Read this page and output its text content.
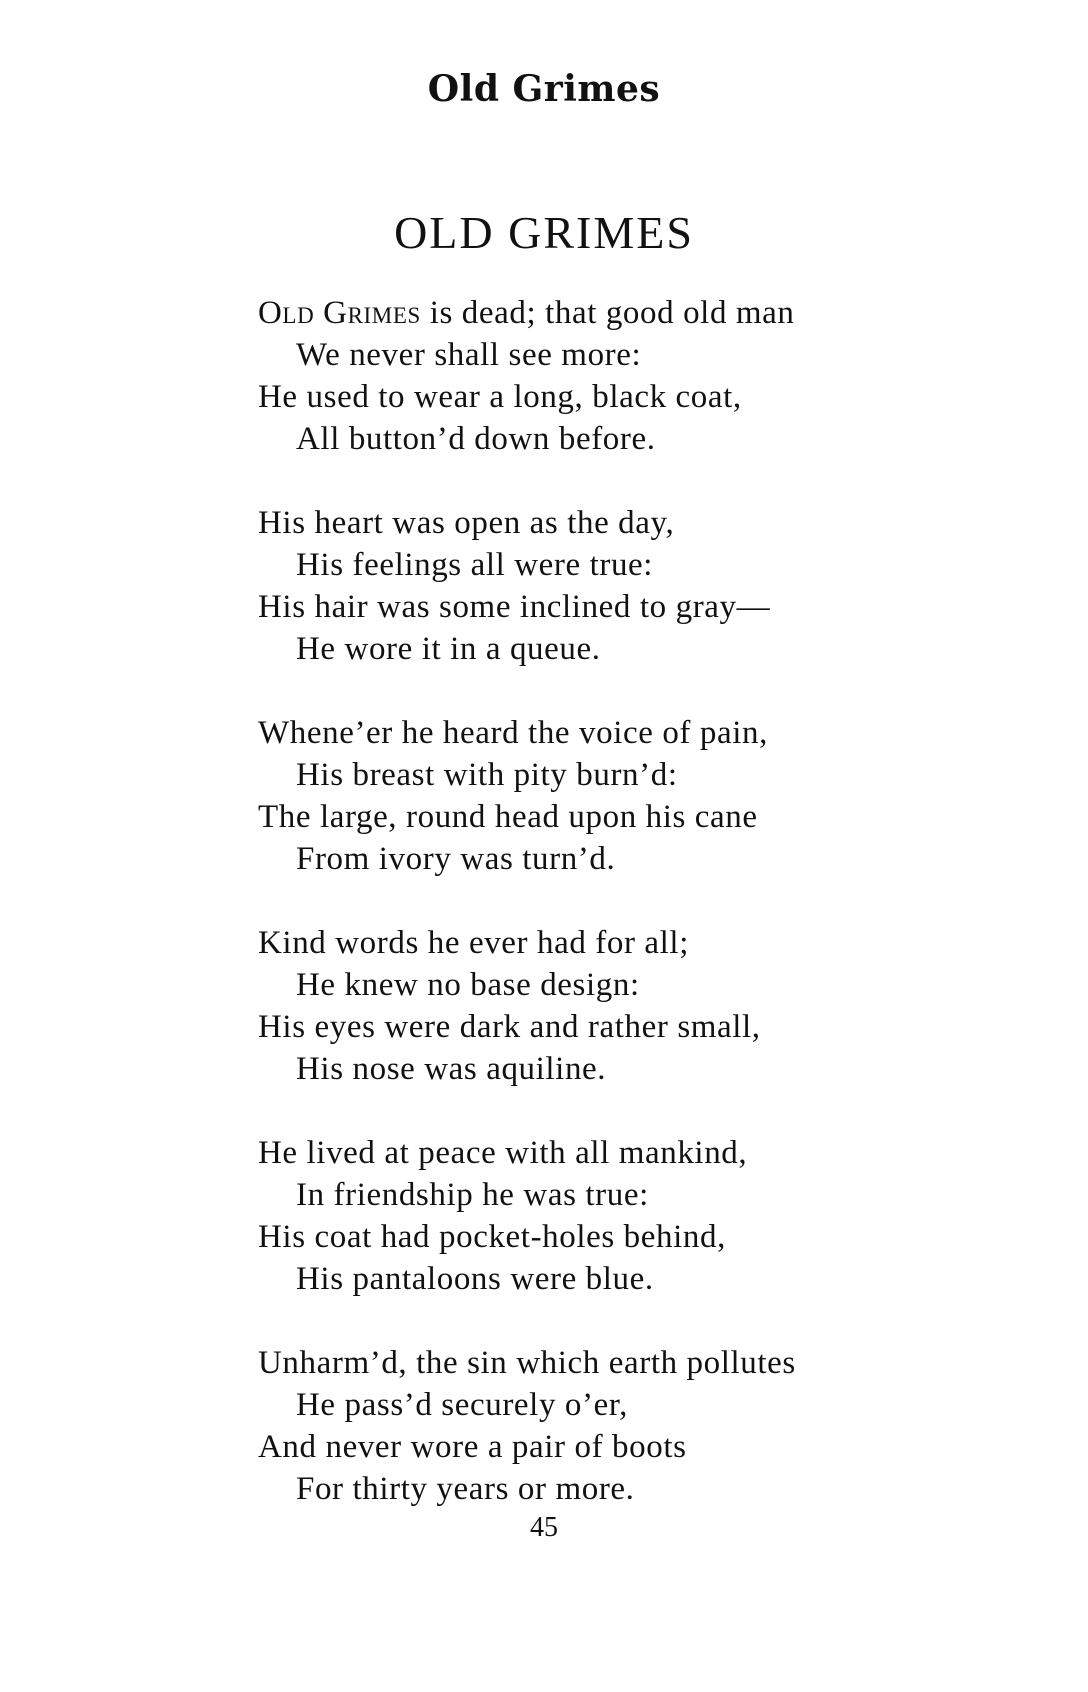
Old Grimes
OLD GRIMES
Old Grimes is dead; that good old man
We never shall see more:
He used to wear a long, black coat,
All button’d down before.
His heart was open as the day,
His feelings all were true:
His hair was some inclined to gray—
He wore it in a queue.
Whene’er he heard the voice of pain,
His breast with pity burn’d:
The large, round head upon his cane
From ivory was turn’d.
Kind words he ever had for all;
He knew no base design:
His eyes were dark and rather small,
His nose was aquiline.
He lived at peace with all mankind,
In friendship he was true:
His coat had pocket-holes behind,
His pantaloons were blue.
Unharm’d, the sin which earth pollutes
He pass’d securely o’er,
And never wore a pair of boots
For thirty years or more.
45
